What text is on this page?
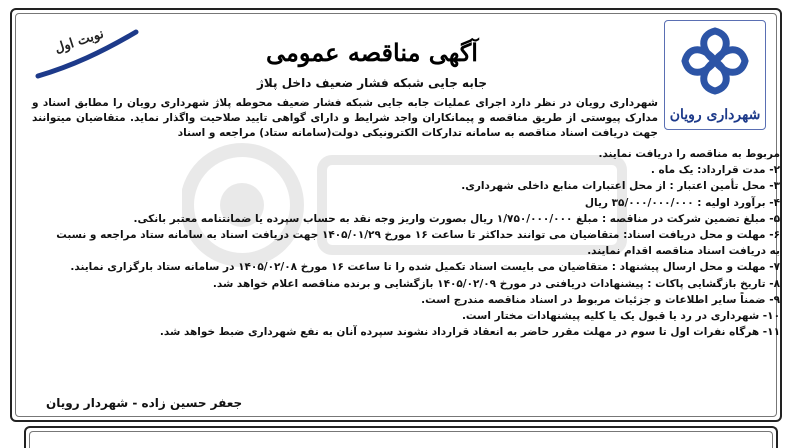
شهرداری رویان
نوبت اول	آگهی مناقصه عمومی
جابه جایی شبکه فشار ضعیف داخل پلاژ
شهرداری رویان در نظر دارد اجرای عملیات جابه جایی شبکه فشار ضعیف محوطه پلاژ شهرداری رویان را مطابق اسناد و مدارک پیوستی از طریق مناقصه و پیمانکاران واجد شرایط و دارای گواهی تایید صلاحیت واگذار نماید. متقاضیان میتوانند جهت دریافت اسناد مناقصه به سامانه تدارکات الکترونیکی دولت(سامانه ستاد) مراجعه و اسناد

مربوط به مناقصه را دریافت نمایند.

۲- مدت قرارداد: یک ماه .

۳- محل تأمین اعتبار : از محل اعتبارات منابع داخلی شهرداری.

۴- برآورد اولیه : ۳۵/۰۰۰/۰۰۰/۰۰۰ ریال

۵- مبلغ تضمین شرکت در مناقصه : مبلغ ۱/۷۵۰/۰۰۰/۰۰۰ ریال بصورت واریز وجه نقد به حساب سپرده یا ضمانتنامه معتبر بانکی.

۶- مهلت و محل دریافت اسناد: متقاضیان می توانند حداکثر تا ساعت ۱۶ مورخ ۱۴۰۵/۰۱/۲۹ جهت دریافت اسناد به سامانه ستاد مراجعه و نسبت

به دریافت اسناد مناقصه اقدام نمایند.

۷- مهلت و محل ارسال پیشنهاد : متقاضیان می بایست اسناد تکمیل شده را تا ساعت ۱۶ مورخ ۱۴۰۵/۰۲/۰۸ در سامانه ستاد بارگزاری نمایند.

۸- تاریخ بازگشایی پاکات : پیشنهادات دریافتی در مورخ ۱۴۰۵/۰۲/۰۹ بازگشایی و برنده مناقصه اعلام خواهد شد.

۹- ضمناً سایر اطلاعات و جزئیات مربوط در اسناد مناقصه مندرج است.

۱۰- شهرداری در رد یا قبول یک یا کلیه پیشنهادات مختار است.

۱۱- هرگاه نفرات اول تا سوم در مهلت مقرر حاضر به انعقاد قرارداد نشوند سپرده آنان به نفع شهرداری ضبط خواهد شد.

جعفر حسین زاده - شهردار رویان
